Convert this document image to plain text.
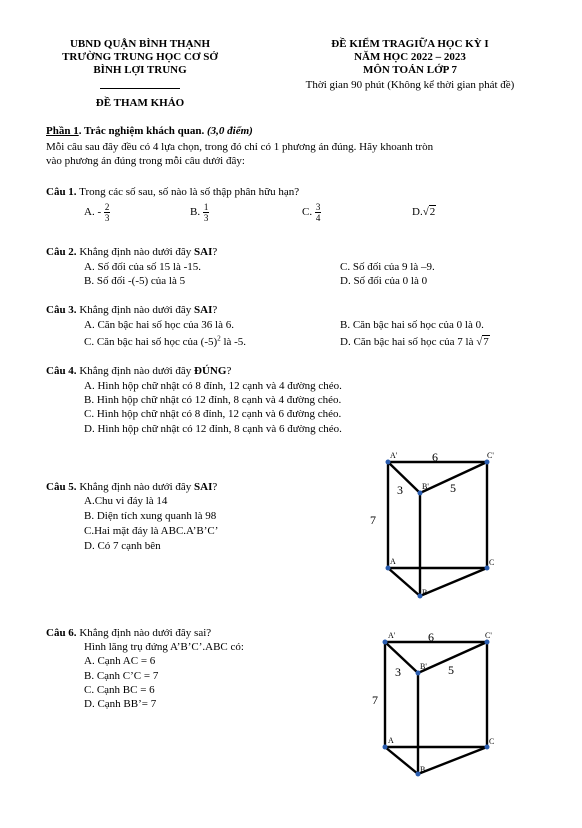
UBND QUẬN BÌNH THẠNH
TRƯỜNG TRUNG HỌC CƠ SỞ
BÌNH LỢI TRUNG
ĐỀ THAM KHẢO
ĐỀ KIỂM TRAGIỮA HỌC KỲ I
NĂM HỌC 2022 – 2023
MÔN TOÁN LỚP 7
Thời gian 90 phút (Không kể thời gian phát đề)
Phần 1. Trắc nghiệm khách quan. (3,0 điểm)
Mỗi câu sau đây đều có 4 lựa chọn, trong đó chỉ có 1 phương án đúng. Hãy khoanh tròn
vào phương án đúng trong mỗi câu dưới đây:
Câu 1. Trong các số sau, số nào là số thập phân hữu hạn?
A. - $\frac{2}{3}$	B. $\frac{1}{3}$	C. $\frac{3}{4}$	D.√2
Câu 2. Khẳng định nào dưới đây SAI?
A. Số đối của số 15 là -15.	C. Số đối của 9 là –9.
B. Số đối -(-5) của là 5	D. Số đối của 0 là 0
Câu 3. Khẳng định nào dưới đây SAI?
A. Căn bậc hai số học của 36 là 6.	B. Căn bậc hai số học của 0 là 0.
C. Căn bậc hai số học của $(-5)^2$ là -5.	D. Căn bậc hai số học của 7 là √7
Câu 4. Khẳng định nào dưới đây ĐÚNG?
A. Hình hộp chữ nhật có 8 đỉnh, 12 cạnh và 4 đường chéo.
B. Hình hộp chữ nhật có 12 đỉnh, 8 cạnh và 4 đường chéo.
C. Hình hộp chữ nhật có 8 đỉnh, 12 cạnh và 6 đường chéo.
D. Hình hộp chữ nhật có 12 đỉnh, 8 cạnh và 6 đường chéo.
Câu 5. Khẳng định nào dưới đây SAI?
A.Chu vi đáy là 14
B. Diện tích xung quanh là 98
C.Hai mặt đáy là ABC.A’B’C’
D. Có 7 cạnh bên
Câu 6. Khẳng định nào dưới đây sai?
Hình lăng trụ đứng A’B’C’.ABC có:
A. Cạnh AC = 6
B. Cạnh C’C = 7
C. Cạnh BC = 6
D. Cạnh BB’= 7
A'	C'
B'
A	C
B
6
3	5
7
A'	C'
B'
A	C
B
6
3	5
7
